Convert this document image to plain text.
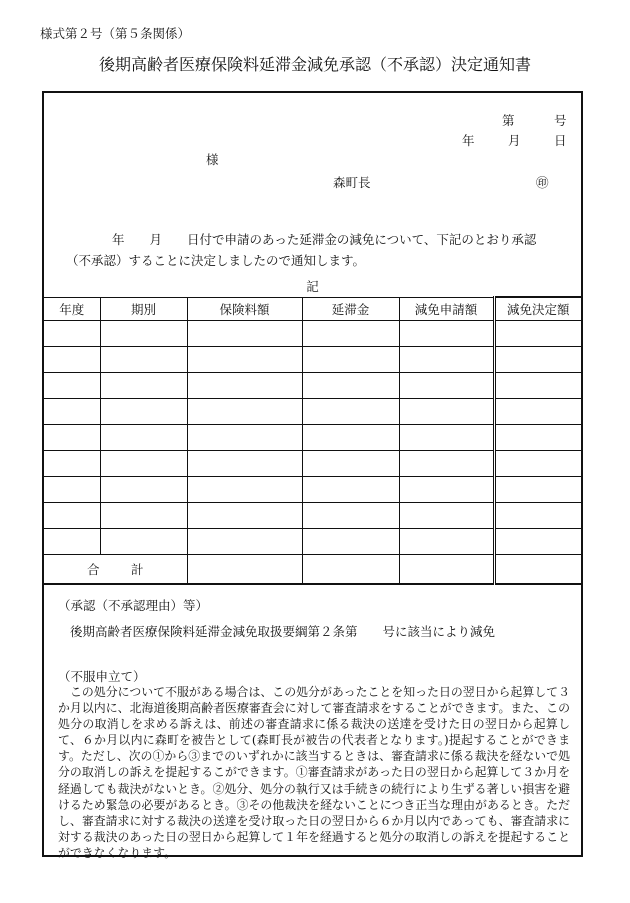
様式第２号（第５条関係）
後期高齢者医療保険料延滞金減免承認（不承認）決定通知書
第	号
年	月	日
様
森町長	㊞
年　　月　　日付で申請のあった延滞金の減免について、下記のとおり承認
（不承認）することに決定しましたので通知します。
記
年度	期別	保険料額	延滞金	減免申請額	減免決定額

合 計					
（承認（不承認理由）等）
後期高齢者医療保険料延滞金減免取扱要綱第２条第　　号に該当により減免
（不服申立て）
この処分について不服がある場合は、この処分があったことを知った日の翌日から起算して３か月以内に、北海道後期高齢者医療審査会に対して審査請求をすることができます。また、この処分の取消しを求める訴えは、前述の審査請求に係る裁決の送達を受けた日の翌日から起算して、６か月以内に森町を被告として(森町長が被告の代表者となります。)提起することができます。ただし、次の①から③までのいずれかに該当するときは、審査請求に係る裁決を経ないで処分の取消しの訴えを提起するこができます。①審査請求があった日の翌日から起算して３か月を経過しても裁決がないとき。②処分、処分の執行又は手続きの続行により生ずる著しい損害を避けるため緊急の必要があるとき。③その他裁決を経ないことにつき正当な理由があるとき。ただし、審査請求に対する裁決の送達を受け取った日の翌日から６か月以内であっても、審査請求に対する裁決のあった日の翌日から起算して１年を経過すると処分の取消しの訴えを提起することができなくなります。
